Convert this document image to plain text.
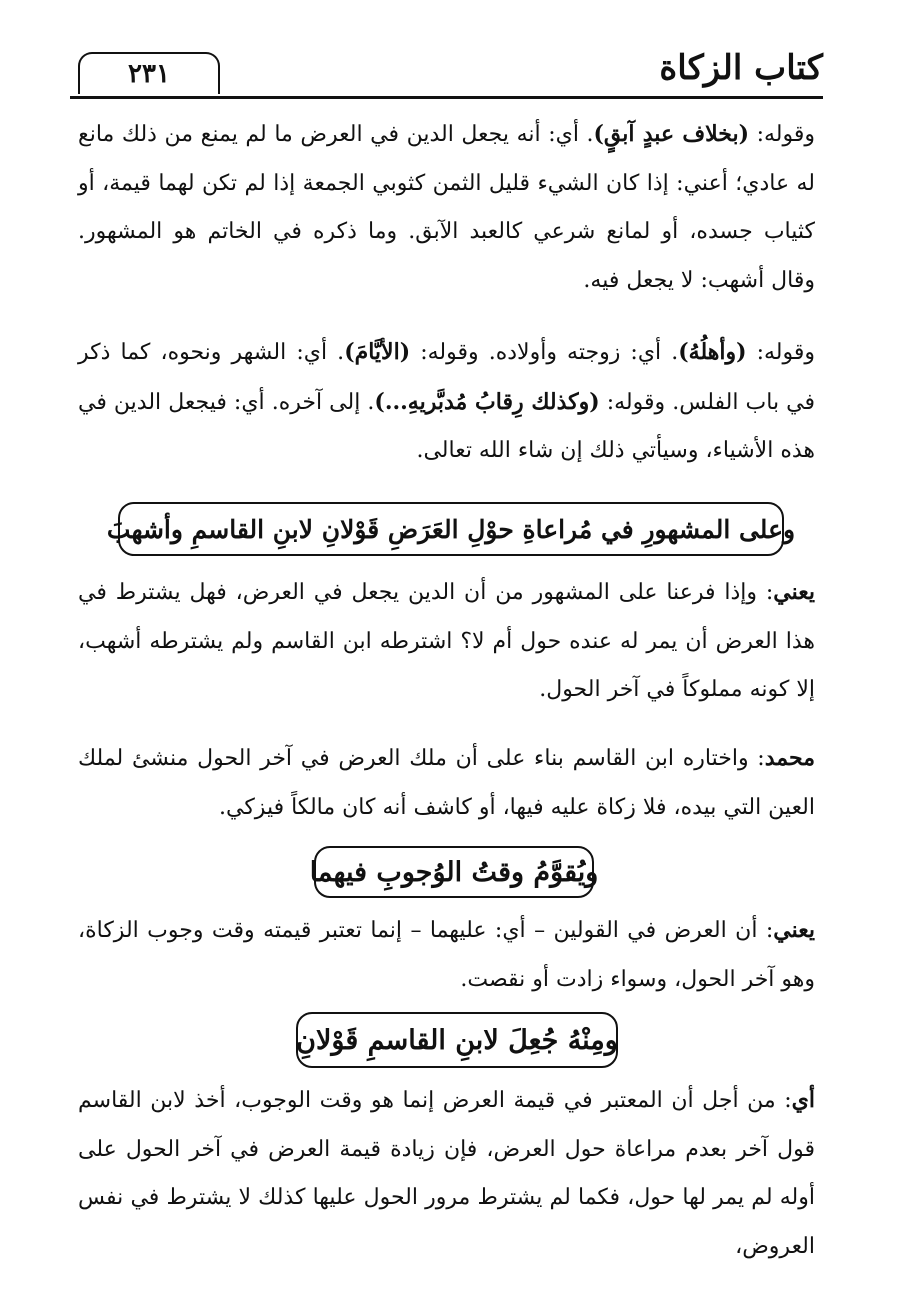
كتاب الزكاة
٢٣١

وقوله: (بخلاف عبدٍ آبقٍ). أي: أنه يجعل الدين في العرض ما لم يمنع من ذلك مانع له عادي؛ أعني: إذا كان الشيء قليل الثمن كثوبي الجمعة إذا لم تكن لهما قيمة، أو كثياب جسده، أو لمانع شرعي كالعبد الآبق. وما ذكره في الخاتم هو المشهور. وقال أشهب: لا يجعل فيه.

وقوله: (وأهلُهُ). أي: زوجته وأولاده. وقوله: (الأيَّامَ). أي: الشهر ونحوه، كما ذكر في باب الفلس. وقوله: (وكذلك رِقابُ مُدبَّريهِ...). إلى آخره. أي: فيجعل الدين في هذه الأشياء، وسيأتي ذلك إن شاء الله تعالى.

وعلى المشهورِ في مُراعاةِ حوْلِ العَرَضِ قَوْلانِ لابنِ القاسمِ وأشهبَ

يعني: وإذا فرعنا على المشهور من أن الدين يجعل في العرض، فهل يشترط في هذا العرض أن يمر له عنده حول أم لا؟ اشترطه ابن القاسم ولم يشترطه أشهب، إلا كونه مملوكاً في آخر الحول.

محمد: واختاره ابن القاسم بناء على أن ملك العرض في آخر الحول منشئ لملك العين التي بيده، فلا زكاة عليه فيها، أو كاشف أنه كان مالكاً فيزكي.

ويُقوَّمُ وقتُ الوُجوبِ فيهما

يعني: أن العرض في القولين – أي: عليهما – إنما تعتبر قيمته وقت وجوب الزكاة، وهو آخر الحول، وسواء زادت أو نقصت.

ومِنْهُ جُعِلَ لابنِ القاسمِ قَوْلانِ

أي: من أجل أن المعتبر في قيمة العرض إنما هو وقت الوجوب، أخذ لابن القاسم قول آخر بعدم مراعاة حول العرض، فإن زيادة قيمة العرض في آخر الحول على أوله لم يمر لها حول، فكما لم يشترط مرور الحول عليها كذلك لا يشترط في نفس العروض،
